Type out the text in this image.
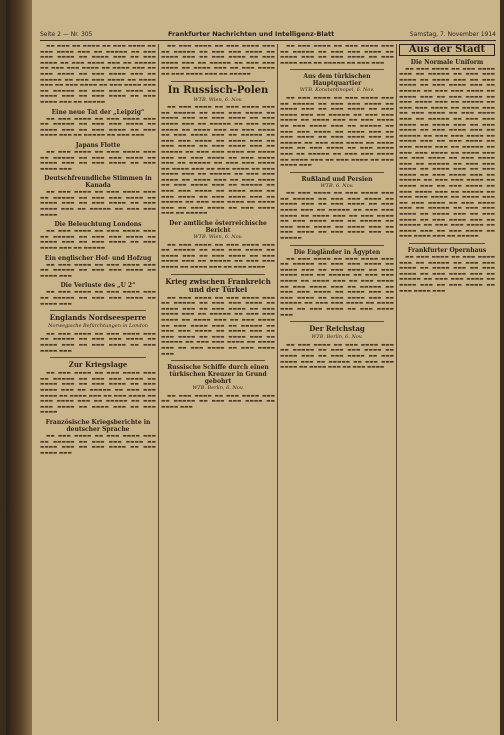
Seite 2 — Nr. 305	Frankfurter Nachrichten und Intelligenz-Blatt	Samstag, 7. November 1914

▬▬ ▬▬▬ ▬▬ ▬▬▬▬ ▬▬ ▬▬▬ ▬▬▬▬ ▬▬ ▬▬▬ ▬▬▬▬ ▬▬▬ ▬▬ ▬▬▬▬▬ ▬▬ ▬▬▬ ▬▬▬ ▬▬▬▬ ▬▬ ▬▬▬▬ ▬▬▬ ▬▬ ▬▬▬ ▬▬▬▬ ▬▬ ▬▬▬ ▬▬▬▬ ▬▬▬ ▬▬ ▬▬▬▬▬ ▬▬ ▬▬▬ ▬▬▬ ▬▬▬▬ ▬▬ ▬▬▬▬ ▬▬▬ ▬▬ ▬▬▬ ▬▬▬▬ ▬▬ ▬▬▬ ▬▬▬▬ ▬▬▬ ▬▬ ▬▬▬▬▬ ▬▬ ▬▬▬ ▬▬▬ ▬▬▬▬ ▬▬ ▬▬▬▬ ▬▬▬ ▬▬ ▬▬▬ ▬▬▬▬ ▬▬ ▬▬▬ ▬▬▬▬ ▬▬▬ ▬▬ ▬▬▬▬▬ ▬▬ ▬▬▬ ▬▬▬ ▬▬▬▬ ▬▬ ▬▬▬▬ ▬▬▬ ▬▬ ▬▬▬ ▬▬▬▬ ▬▬ ▬▬▬ ▬▬▬▬ ▬▬▬ ▬▬ ▬▬▬▬▬

Eine neue Tat der „Leipzig“

▬▬ ▬▬▬ ▬▬▬▬ ▬▬ ▬▬▬ ▬▬▬▬ ▬▬▬ ▬▬ ▬▬▬▬▬ ▬▬ ▬▬▬ ▬▬▬ ▬▬▬▬ ▬▬ ▬▬▬▬ ▬▬▬ ▬▬ ▬▬▬ ▬▬▬▬ ▬▬ ▬▬▬ ▬▬▬▬ ▬▬▬ ▬▬ ▬▬▬▬▬ ▬▬ ▬▬▬ ▬▬▬

Japans Flotte

▬▬ ▬▬▬ ▬▬▬▬ ▬▬ ▬▬▬ ▬▬▬▬ ▬▬▬ ▬▬ ▬▬▬▬▬ ▬▬ ▬▬▬ ▬▬▬ ▬▬▬▬ ▬▬ ▬▬▬▬ ▬▬▬ ▬▬ ▬▬▬ ▬▬▬▬ ▬▬ ▬▬▬ ▬▬▬▬ ▬▬▬

Deutschfreundliche Stimmen in Kanada

▬▬ ▬▬▬ ▬▬▬▬ ▬▬ ▬▬▬ ▬▬▬▬ ▬▬▬ ▬▬ ▬▬▬▬▬ ▬▬ ▬▬▬ ▬▬▬ ▬▬▬▬ ▬▬ ▬▬▬▬ ▬▬▬ ▬▬ ▬▬▬ ▬▬▬▬ ▬▬ ▬▬▬ ▬▬▬▬ ▬▬▬ ▬▬ ▬▬▬▬▬ ▬▬ ▬▬▬ ▬▬▬ ▬▬▬▬

Die Beleuchtung Londons

▬▬ ▬▬▬ ▬▬▬▬ ▬▬ ▬▬▬ ▬▬▬▬ ▬▬▬ ▬▬ ▬▬▬▬▬ ▬▬ ▬▬▬ ▬▬▬ ▬▬▬▬ ▬▬ ▬▬▬▬ ▬▬▬ ▬▬ ▬▬▬ ▬▬▬▬ ▬▬ ▬▬▬ ▬▬▬▬ ▬▬▬ ▬▬ ▬▬▬▬▬

Ein englischer Hof- und Hofzug

▬▬ ▬▬▬ ▬▬▬▬ ▬▬ ▬▬▬ ▬▬▬▬ ▬▬▬ ▬▬ ▬▬▬▬▬ ▬▬ ▬▬▬ ▬▬▬ ▬▬▬▬ ▬▬ ▬▬▬▬ ▬▬▬

Die Verluste des „U 2“

▬▬ ▬▬▬ ▬▬▬▬ ▬▬ ▬▬▬ ▬▬▬▬ ▬▬▬ ▬▬ ▬▬▬▬▬ ▬▬ ▬▬▬ ▬▬▬ ▬▬▬▬ ▬▬ ▬▬▬▬ ▬▬▬

Englands Nordseesperre
Norwegische Befürchtungen in London

▬▬ ▬▬▬ ▬▬▬▬ ▬▬ ▬▬▬ ▬▬▬▬ ▬▬▬ ▬▬ ▬▬▬▬▬ ▬▬ ▬▬▬ ▬▬▬ ▬▬▬▬ ▬▬ ▬▬▬▬ ▬▬▬ ▬▬ ▬▬▬ ▬▬▬▬ ▬▬ ▬▬▬ ▬▬▬▬ ▬▬▬

Zur Kriegslage

▬▬ ▬▬▬ ▬▬▬▬ ▬▬ ▬▬▬ ▬▬▬▬ ▬▬▬ ▬▬ ▬▬▬▬▬ ▬▬ ▬▬▬ ▬▬▬ ▬▬▬▬ ▬▬ ▬▬▬▬ ▬▬▬ ▬▬ ▬▬▬ ▬▬▬▬ ▬▬ ▬▬▬ ▬▬▬▬ ▬▬▬ ▬▬ ▬▬▬▬▬ ▬▬ ▬▬▬ ▬▬▬ ▬▬▬▬ ▬▬ ▬▬▬▬ ▬▬▬ ▬▬ ▬▬▬ ▬▬▬▬ ▬▬ ▬▬▬ ▬▬▬▬ ▬▬▬ ▬▬ ▬▬▬▬▬ ▬▬ ▬▬▬ ▬▬▬ ▬▬▬▬ ▬▬ ▬▬▬▬ ▬▬▬ ▬▬ ▬▬▬ ▬▬▬▬

Französische Kriegsberichte in deutscher Sprache

▬▬ ▬▬▬ ▬▬▬▬ ▬▬ ▬▬▬ ▬▬▬▬ ▬▬▬ ▬▬ ▬▬▬▬▬ ▬▬ ▬▬▬ ▬▬▬ ▬▬▬▬ ▬▬ ▬▬▬▬ ▬▬▬ ▬▬ ▬▬▬ ▬▬▬▬ ▬▬ ▬▬▬ ▬▬▬▬ ▬▬▬

▬▬ ▬▬▬ ▬▬▬▬ ▬▬ ▬▬▬ ▬▬▬▬ ▬▬▬ ▬▬ ▬▬▬▬▬ ▬▬ ▬▬▬ ▬▬▬ ▬▬▬▬ ▬▬ ▬▬▬▬ ▬▬▬ ▬▬ ▬▬▬ ▬▬▬▬ ▬▬ ▬▬▬ ▬▬▬▬ ▬▬▬ ▬▬ ▬▬▬▬▬ ▬▬ ▬▬▬ ▬▬▬ ▬▬▬▬ ▬▬ ▬▬▬▬ ▬▬▬ ▬▬ ▬▬▬ ▬▬▬▬ ▬▬ ▬▬▬ ▬▬▬▬ ▬▬▬ ▬▬ ▬▬▬▬▬

In Russisch-Polen
WTB. Wien, 6. Nov.

▬▬ ▬▬▬ ▬▬▬▬ ▬▬ ▬▬▬ ▬▬▬▬ ▬▬▬ ▬▬ ▬▬▬▬▬ ▬▬ ▬▬▬ ▬▬▬ ▬▬▬▬ ▬▬ ▬▬▬▬ ▬▬▬ ▬▬ ▬▬▬ ▬▬▬▬ ▬▬ ▬▬▬ ▬▬▬▬ ▬▬▬ ▬▬ ▬▬▬▬▬ ▬▬ ▬▬▬ ▬▬▬ ▬▬▬▬ ▬▬ ▬▬▬▬ ▬▬▬ ▬▬ ▬▬▬ ▬▬▬▬ ▬▬ ▬▬▬ ▬▬▬▬ ▬▬▬ ▬▬ ▬▬▬▬▬ ▬▬ ▬▬▬ ▬▬▬ ▬▬▬▬ ▬▬ ▬▬▬▬ ▬▬▬ ▬▬ ▬▬▬ ▬▬▬▬ ▬▬ ▬▬▬ ▬▬▬▬ ▬▬▬ ▬▬ ▬▬▬▬▬ ▬▬ ▬▬▬ ▬▬▬ ▬▬▬▬ ▬▬ ▬▬▬▬ ▬▬▬ ▬▬ ▬▬▬ ▬▬▬▬ ▬▬ ▬▬▬ ▬▬▬▬ ▬▬▬ ▬▬ ▬▬▬▬▬ ▬▬ ▬▬▬ ▬▬▬ ▬▬▬▬ ▬▬ ▬▬▬▬ ▬▬▬ ▬▬ ▬▬▬ ▬▬▬▬ ▬▬ ▬▬▬ ▬▬▬▬ ▬▬▬ ▬▬ ▬▬▬▬▬ ▬▬ ▬▬▬ ▬▬▬ ▬▬▬▬ ▬▬ ▬▬▬▬ ▬▬▬ ▬▬ ▬▬▬ ▬▬▬▬ ▬▬ ▬▬▬ ▬▬▬▬ ▬▬▬ ▬▬ ▬▬▬▬▬ ▬▬ ▬▬▬ ▬▬▬ ▬▬▬▬ ▬▬ ▬▬▬▬ ▬▬▬ ▬▬ ▬▬▬ ▬▬▬▬ ▬▬ ▬▬▬ ▬▬▬▬ ▬▬▬ ▬▬ ▬▬▬▬▬ ▬▬ ▬▬▬ ▬▬▬ ▬▬▬▬ ▬▬ ▬▬▬▬ ▬▬▬ ▬▬ ▬▬▬ ▬▬▬▬ ▬▬ ▬▬▬ ▬▬▬▬ ▬▬▬ ▬▬ ▬▬▬▬▬

Der amtliche österreichische Bericht
WTB. Wien, 6. Nov.

▬▬ ▬▬▬ ▬▬▬▬ ▬▬ ▬▬▬ ▬▬▬▬ ▬▬▬ ▬▬ ▬▬▬▬▬ ▬▬ ▬▬▬ ▬▬▬ ▬▬▬▬ ▬▬ ▬▬▬▬ ▬▬▬ ▬▬ ▬▬▬ ▬▬▬▬ ▬▬ ▬▬▬ ▬▬▬▬ ▬▬▬ ▬▬ ▬▬▬▬▬ ▬▬ ▬▬▬ ▬▬▬ ▬▬▬▬ ▬▬ ▬▬▬▬ ▬▬▬ ▬▬ ▬▬▬ ▬▬▬▬

Krieg zwischen Frankreich und der Türkei

▬▬ ▬▬▬ ▬▬▬▬ ▬▬ ▬▬▬ ▬▬▬▬ ▬▬▬ ▬▬ ▬▬▬▬▬ ▬▬ ▬▬▬ ▬▬▬ ▬▬▬▬ ▬▬ ▬▬▬▬ ▬▬▬ ▬▬ ▬▬▬ ▬▬▬▬ ▬▬ ▬▬▬ ▬▬▬▬ ▬▬▬ ▬▬ ▬▬▬▬▬ ▬▬ ▬▬▬ ▬▬▬ ▬▬▬▬ ▬▬ ▬▬▬▬ ▬▬▬ ▬▬ ▬▬▬ ▬▬▬▬ ▬▬ ▬▬▬ ▬▬▬▬ ▬▬▬ ▬▬ ▬▬▬▬▬ ▬▬ ▬▬▬ ▬▬▬ ▬▬▬▬ ▬▬ ▬▬▬▬ ▬▬▬ ▬▬ ▬▬▬ ▬▬▬▬ ▬▬ ▬▬▬ ▬▬▬▬ ▬▬▬ ▬▬ ▬▬▬▬▬ ▬▬ ▬▬▬ ▬▬▬ ▬▬▬▬ ▬▬ ▬▬▬▬ ▬▬▬ ▬▬ ▬▬▬ ▬▬▬▬ ▬▬ ▬▬▬ ▬▬▬▬ ▬▬▬

Russische Schiffe durch einen türkischen Kreuzer in Grund gebohrt
WTB. Berlin, 6. Nov.

▬▬ ▬▬▬ ▬▬▬▬ ▬▬ ▬▬▬ ▬▬▬▬ ▬▬▬ ▬▬ ▬▬▬▬▬ ▬▬ ▬▬▬ ▬▬▬ ▬▬▬▬ ▬▬ ▬▬▬▬ ▬▬▬

▬▬ ▬▬▬ ▬▬▬▬ ▬▬ ▬▬▬ ▬▬▬▬ ▬▬▬ ▬▬ ▬▬▬▬▬ ▬▬ ▬▬▬ ▬▬▬ ▬▬▬▬ ▬▬ ▬▬▬▬ ▬▬▬ ▬▬ ▬▬▬ ▬▬▬▬ ▬▬ ▬▬▬ ▬▬▬▬ ▬▬▬ ▬▬ ▬▬▬▬▬ ▬▬ ▬▬▬ ▬▬▬

Aus dem türkischen Hauptquartier
WTB. Konstantinopel, 6. Nov.

▬▬ ▬▬▬ ▬▬▬▬ ▬▬ ▬▬▬ ▬▬▬▬ ▬▬▬ ▬▬ ▬▬▬▬▬ ▬▬ ▬▬▬ ▬▬▬ ▬▬▬▬ ▬▬ ▬▬▬▬ ▬▬▬ ▬▬ ▬▬▬ ▬▬▬▬ ▬▬ ▬▬▬ ▬▬▬▬ ▬▬▬ ▬▬ ▬▬▬▬▬ ▬▬ ▬▬▬ ▬▬▬ ▬▬▬▬ ▬▬ ▬▬▬▬ ▬▬▬ ▬▬ ▬▬▬ ▬▬▬▬ ▬▬ ▬▬▬ ▬▬▬▬ ▬▬▬ ▬▬ ▬▬▬▬▬ ▬▬ ▬▬▬ ▬▬▬ ▬▬▬▬ ▬▬ ▬▬▬▬ ▬▬▬ ▬▬ ▬▬▬ ▬▬▬▬ ▬▬ ▬▬▬ ▬▬▬▬ ▬▬▬ ▬▬ ▬▬▬▬▬ ▬▬ ▬▬▬ ▬▬▬ ▬▬▬▬ ▬▬ ▬▬▬▬ ▬▬▬ ▬▬ ▬▬▬ ▬▬▬▬ ▬▬ ▬▬▬ ▬▬▬▬ ▬▬▬ ▬▬ ▬▬▬▬▬ ▬▬ ▬▬▬ ▬▬▬ ▬▬▬▬ ▬▬ ▬▬▬▬ ▬▬▬ ▬▬ ▬▬▬ ▬▬▬▬ ▬▬ ▬▬▬ ▬▬▬▬ ▬▬▬

Rußland und Persien
WTB. 6. Nov.

▬▬ ▬▬▬ ▬▬▬▬ ▬▬ ▬▬▬ ▬▬▬▬ ▬▬▬ ▬▬ ▬▬▬▬▬ ▬▬ ▬▬▬ ▬▬▬ ▬▬▬▬ ▬▬ ▬▬▬▬ ▬▬▬ ▬▬ ▬▬▬ ▬▬▬▬ ▬▬ ▬▬▬ ▬▬▬▬ ▬▬▬ ▬▬ ▬▬▬▬▬ ▬▬ ▬▬▬ ▬▬▬ ▬▬▬▬ ▬▬ ▬▬▬▬ ▬▬▬ ▬▬ ▬▬▬ ▬▬▬▬ ▬▬ ▬▬▬ ▬▬▬▬ ▬▬▬ ▬▬ ▬▬▬▬▬ ▬▬ ▬▬▬ ▬▬▬ ▬▬▬▬ ▬▬ ▬▬▬▬ ▬▬▬ ▬▬ ▬▬▬ ▬▬▬▬ ▬▬ ▬▬▬ ▬▬▬▬ ▬▬▬ ▬▬ ▬▬▬▬▬

Die Engländer in Ägypten

▬▬ ▬▬▬ ▬▬▬▬ ▬▬ ▬▬▬ ▬▬▬▬ ▬▬▬ ▬▬ ▬▬▬▬▬ ▬▬ ▬▬▬ ▬▬▬ ▬▬▬▬ ▬▬ ▬▬▬▬ ▬▬▬ ▬▬ ▬▬▬ ▬▬▬▬ ▬▬ ▬▬▬ ▬▬▬▬ ▬▬▬ ▬▬ ▬▬▬▬▬ ▬▬ ▬▬▬ ▬▬▬ ▬▬▬▬ ▬▬ ▬▬▬▬ ▬▬▬ ▬▬ ▬▬▬ ▬▬▬▬ ▬▬ ▬▬▬ ▬▬▬▬ ▬▬▬ ▬▬ ▬▬▬▬▬ ▬▬ ▬▬▬ ▬▬▬ ▬▬▬▬ ▬▬ ▬▬▬▬ ▬▬▬ ▬▬ ▬▬▬ ▬▬▬▬ ▬▬ ▬▬▬ ▬▬▬▬ ▬▬▬ ▬▬ ▬▬▬▬▬ ▬▬ ▬▬▬ ▬▬▬ ▬▬▬▬ ▬▬ ▬▬▬▬ ▬▬▬ ▬▬ ▬▬▬ ▬▬▬▬ ▬▬ ▬▬▬ ▬▬▬▬ ▬▬▬

Der Reichstag
WTB. Berlin, 6. Nov.

▬▬ ▬▬▬ ▬▬▬▬ ▬▬ ▬▬▬ ▬▬▬▬ ▬▬▬ ▬▬ ▬▬▬▬▬ ▬▬ ▬▬▬ ▬▬▬ ▬▬▬▬ ▬▬ ▬▬▬▬ ▬▬▬ ▬▬ ▬▬▬ ▬▬▬▬ ▬▬ ▬▬▬ ▬▬▬▬ ▬▬▬ ▬▬ ▬▬▬▬▬ ▬▬ ▬▬▬ ▬▬▬ ▬▬▬▬ ▬▬ ▬▬▬▬ ▬▬▬ ▬▬ ▬▬▬ ▬▬▬▬

Aus der Stadt
Die Normale Uniform

▬▬ ▬▬▬ ▬▬▬▬ ▬▬ ▬▬▬ ▬▬▬▬ ▬▬▬ ▬▬ ▬▬▬▬▬ ▬▬ ▬▬▬ ▬▬▬ ▬▬▬▬ ▬▬ ▬▬▬▬ ▬▬▬ ▬▬ ▬▬▬ ▬▬▬▬ ▬▬ ▬▬▬ ▬▬▬▬ ▬▬▬ ▬▬ ▬▬▬▬▬ ▬▬ ▬▬▬ ▬▬▬ ▬▬▬▬ ▬▬ ▬▬▬▬ ▬▬▬ ▬▬ ▬▬▬ ▬▬▬▬ ▬▬ ▬▬▬ ▬▬▬▬ ▬▬▬ ▬▬ ▬▬▬▬▬ ▬▬ ▬▬▬ ▬▬▬ ▬▬▬▬ ▬▬ ▬▬▬▬ ▬▬▬ ▬▬ ▬▬▬ ▬▬▬▬ ▬▬ ▬▬▬ ▬▬▬▬ ▬▬▬ ▬▬ ▬▬▬▬▬ ▬▬ ▬▬▬ ▬▬▬ ▬▬▬▬ ▬▬ ▬▬▬▬ ▬▬▬ ▬▬ ▬▬▬ ▬▬▬▬ ▬▬ ▬▬▬ ▬▬▬▬ ▬▬▬ ▬▬ ▬▬▬▬▬ ▬▬ ▬▬▬ ▬▬▬ ▬▬▬▬ ▬▬ ▬▬▬▬ ▬▬▬ ▬▬ ▬▬▬ ▬▬▬▬ ▬▬ ▬▬▬ ▬▬▬▬ ▬▬▬ ▬▬ ▬▬▬▬▬ ▬▬ ▬▬▬ ▬▬▬ ▬▬▬▬ ▬▬ ▬▬▬▬ ▬▬▬ ▬▬ ▬▬▬ ▬▬▬▬ ▬▬ ▬▬▬ ▬▬▬▬ ▬▬▬ ▬▬ ▬▬▬▬▬ ▬▬ ▬▬▬ ▬▬▬ ▬▬▬▬ ▬▬ ▬▬▬▬ ▬▬▬ ▬▬ ▬▬▬ ▬▬▬▬ ▬▬ ▬▬▬ ▬▬▬▬ ▬▬▬ ▬▬ ▬▬▬▬▬ ▬▬ ▬▬▬ ▬▬▬ ▬▬▬▬ ▬▬ ▬▬▬▬ ▬▬▬ ▬▬ ▬▬▬ ▬▬▬▬ ▬▬ ▬▬▬ ▬▬▬▬ ▬▬▬ ▬▬ ▬▬▬▬▬ ▬▬ ▬▬▬ ▬▬▬ ▬▬▬▬ ▬▬ ▬▬▬▬ ▬▬▬ ▬▬ ▬▬▬ ▬▬▬▬ ▬▬ ▬▬▬ ▬▬▬▬ ▬▬▬ ▬▬ ▬▬▬▬▬ ▬▬ ▬▬▬ ▬▬▬ ▬▬▬▬ ▬▬ ▬▬▬▬ ▬▬▬ ▬▬ ▬▬▬ ▬▬▬▬ ▬▬ ▬▬▬ ▬▬▬▬ ▬▬▬ ▬▬ ▬▬▬▬▬ ▬▬ ▬▬▬ ▬▬▬ ▬▬▬▬ ▬▬ ▬▬▬▬ ▬▬▬ ▬▬ ▬▬▬ ▬▬▬▬ ▬▬ ▬▬▬ ▬▬▬▬ ▬▬▬ ▬▬ ▬▬▬▬▬

Frankfurter Opernhaus

▬▬ ▬▬▬ ▬▬▬▬ ▬▬ ▬▬▬ ▬▬▬▬ ▬▬▬ ▬▬ ▬▬▬▬▬ ▬▬ ▬▬▬ ▬▬▬ ▬▬▬▬ ▬▬ ▬▬▬▬ ▬▬▬ ▬▬ ▬▬▬ ▬▬▬▬ ▬▬ ▬▬▬ ▬▬▬▬ ▬▬▬ ▬▬ ▬▬▬▬▬ ▬▬ ▬▬▬ ▬▬▬ ▬▬▬▬ ▬▬ ▬▬▬▬ ▬▬▬ ▬▬ ▬▬▬ ▬▬▬▬ ▬▬ ▬▬▬ ▬▬▬▬ ▬▬▬
